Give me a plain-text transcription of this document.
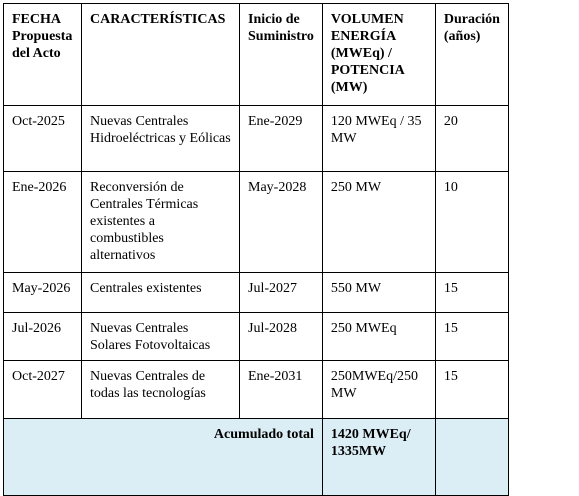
FECHA Propuesta del Acto	CARACTERÍSTICAS	Inicio de Suministro	VOLUMEN ENERGÍA (MWEq) / POTENCIA (MW)	Duración (años)
Oct-2025	Nuevas Centrales Hidroeléctricas y Eólicas	Ene-2029	120 MWEq / 35 MW	20
Ene-2026	Reconversión de Centrales Térmicas existentes a combustibles alternativos	May-2028	250 MW	10
May-2026	Centrales existentes	Jul-2027	550 MW	15
Jul-2026	Nuevas Centrales Solares Fotovoltaicas	Jul-2028	250 MWEq	15
Oct-2027	Nuevas Centrales de todas las tecnologías	Ene-2031	250MWEq/250 MW	15
Acumulado total			1420 MWEq/ 1335MW	
